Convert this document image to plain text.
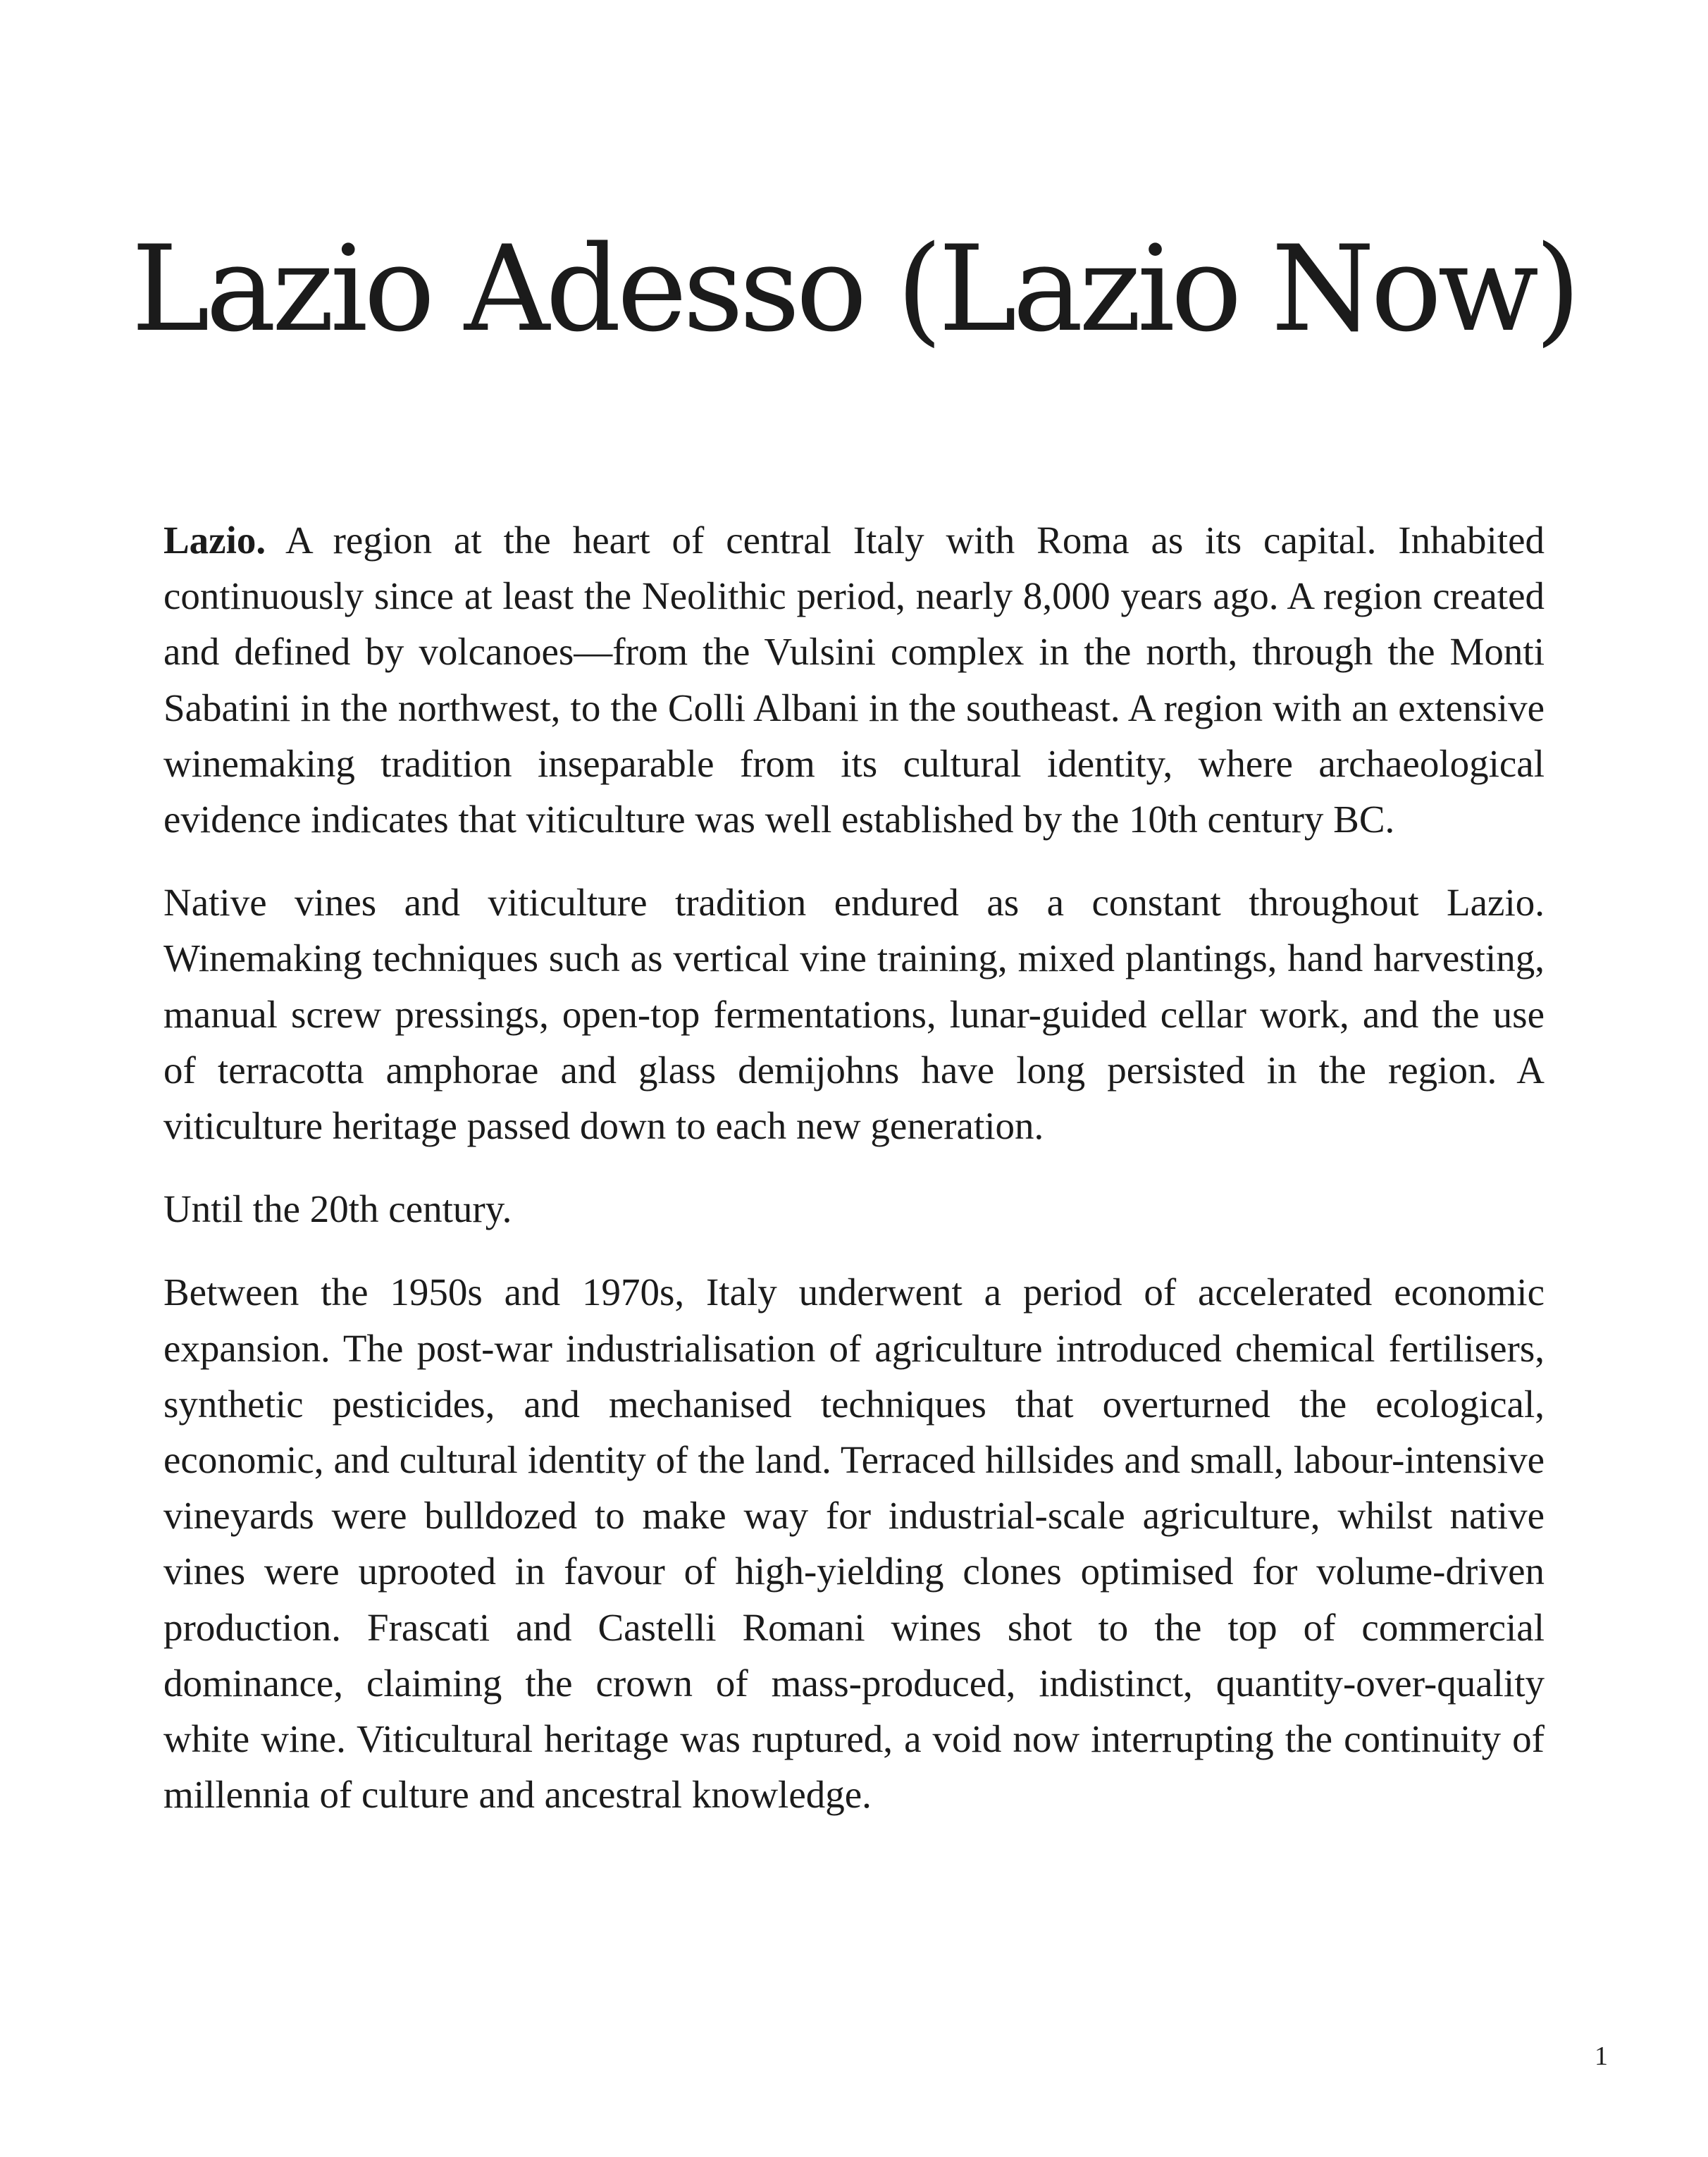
Lazio Adesso (Lazio Now)

Lazio. A region at the heart of central Italy with Roma as its capital. Inhabited continuously since at least the Neolithic period, nearly 8,000 years ago. A region created and defined by volcanoes—from the Vulsini complex in the north, through the Monti Sabatini in the northwest, to the Colli Albani in the southeast. A region with an extensive winemaking tradition inseparable from its cultural identity, where archaeological evidence indicates that viticulture was well established by the 10th century BC.

Native vines and viticulture tradition endured as a constant throughout Lazio. Winemaking techniques such as vertical vine training, mixed plantings, hand harvesting, manual screw pressings, open-top fermentations, lunar-guided cellar work, and the use of terracotta amphorae and glass demijohns have long persisted in the region. A viticulture heritage passed down to each new generation.

Until the 20th century.

Between the 1950s and 1970s, Italy underwent a period of accelerated economic expansion. The post-war industrialisation of agriculture introduced chemical fertilisers, synthetic pesticides, and mechanised techniques that overturned the ecological, economic, and cultural identity of the land. Terraced hillsides and small, labour-intensive vineyards were bulldozed to make way for industrial-scale agriculture, whilst native vines were uprooted in favour of high-yielding clones optimised for volume-driven production. Frascati and Castelli Romani wines shot to the top of commercial dominance, claiming the crown of mass-produced, indistinct, quantity-over-quality white wine. Viticultural heritage was ruptured, a void now interrupting the continuity of millennia of culture and ancestral knowledge.

1
